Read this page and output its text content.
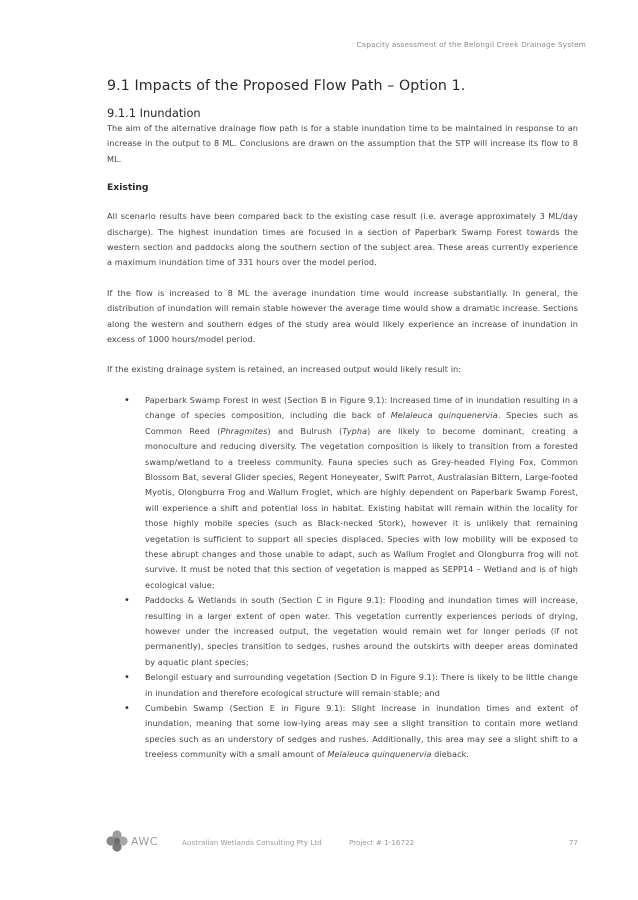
Capacity assessment of the Belongil Creek Drainage System
9.1 Impacts of the Proposed Flow Path – Option 1.
9.1.1 Inundation

The aim of the alternative drainage flow path is for a stable inundation time to be maintained in response to an increase in the output to 8 ML. Conclusions are drawn on the assumption that the STP will increase its flow to 8 ML.

Existing

All scenario results have been compared back to the existing case result (i.e. average approximately 3 ML/day discharge). The highest inundation times are focused in a section of Paperbark Swamp Forest towards the western section and paddocks along the southern section of the subject area. These areas currently experience a maximum inundation time of 331 hours over the model period.

If the flow is increased to 8 ML the average inundation time would increase substantially. In general, the distribution of inundation will remain stable however the average time would show a dramatic increase. Sections along the western and southern edges of the study area would likely experience an increase of inundation in excess of 1000 hours/model period.

If the existing drainage system is retained, an increased output would likely result in:

• Paperbark Swamp Forest in west (Section B in Figure 9.1): Increased time of in inundation resulting in a change of species composition, including die back of Melaleuca quinquenervia. Species such as Common Reed (Phragmites) and Bulrush (Typha) are likely to become dominant, creating a monoculture and reducing diversity. The vegetation composition is likely to transition from a forested swamp/wetland to a treeless community. Fauna species such as Grey-headed Flying Fox, Common Blossom Bat, several Glider species, Regent Honeyeater, Swift Parrot, Australasian Bittern, Large-footed Myotis, Olongburra Frog and Wallum Froglet, which are highly dependent on Paperbark Swamp Forest, will experience a shift and potential loss in habitat. Existing habitat will remain within the locality for those highly mobile species (such as Black-necked Stork), however it is unlikely that remaining vegetation is sufficient to support all species displaced. Species with low mobility will be exposed to these abrupt changes and those unable to adapt, such as Wallum Froglet and Olongburra frog will not survive. It must be noted that this section of vegetation is mapped as SEPP14 – Wetland and is of high ecological value;
• Paddocks & Wetlands in south (Section C in Figure 9.1): Flooding and inundation times will increase, resulting in a larger extent of open water. This vegetation currently experiences periods of drying, however under the increased output, the vegetation would remain wet for longer periods (if not permanently), species transition to sedges, rushes around the outskirts with deeper areas dominated by aquatic plant species;
• Belongil estuary and surrounding vegetation (Section D in Figure 9.1): There is likely to be little change in inundation and therefore ecological structure will remain stable; and
• Cumbebin Swamp (Section E in Figure 9.1): Slight increase in inundation times and extent of inundation, meaning that some low-lying areas may see a slight transition to contain more wetland species such as an understory of sedges and rushes. Additionally, this area may see a slight shift to a treeless community with a small amount of Melaleuca quinquenervia dieback.
AWC	Australian Wetlands Consulting Pty Ltd	Project # 1-16722	77
